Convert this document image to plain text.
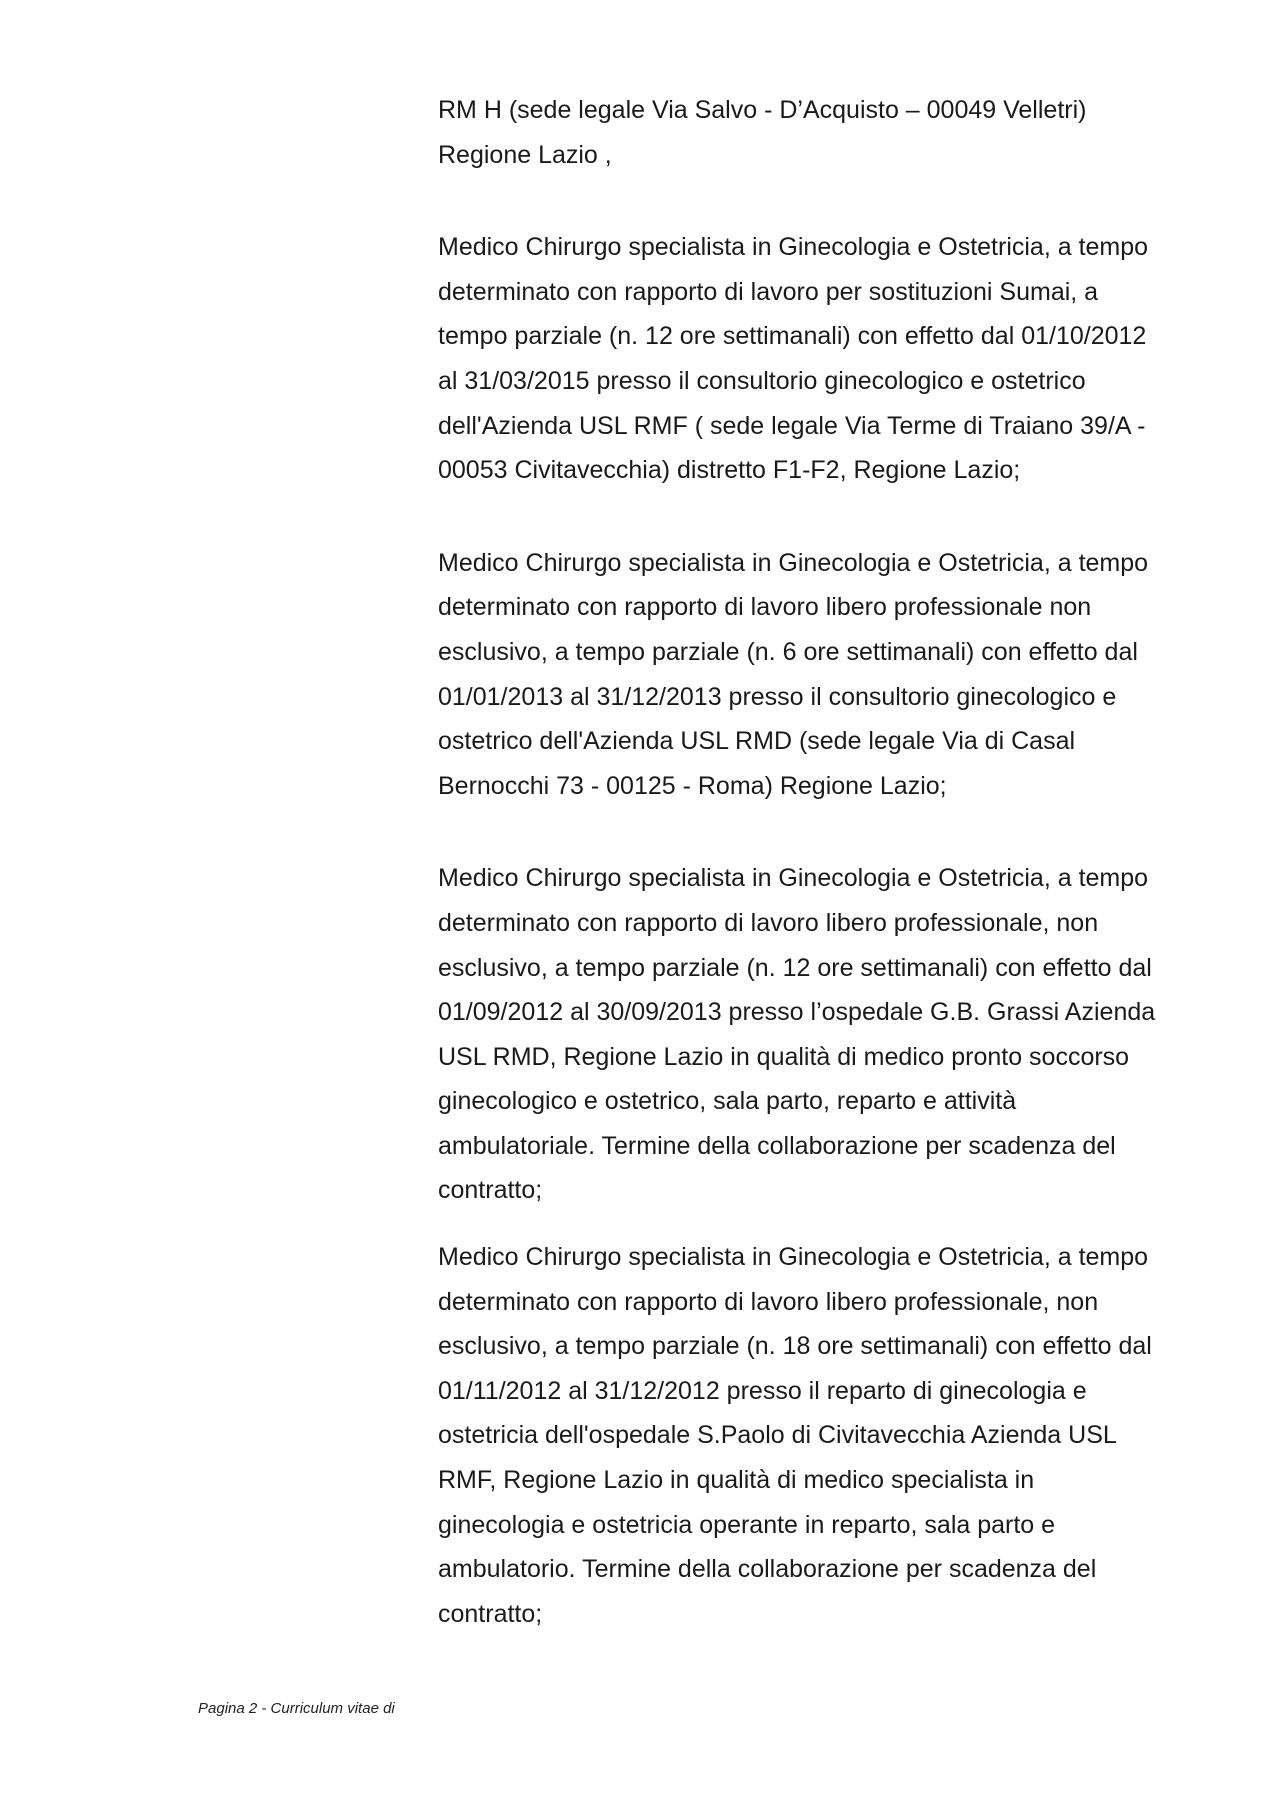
RM H (sede legale Via Salvo - D’Acquisto – 00049 Velletri)
Regione Lazio ,
Medico Chirurgo specialista in Ginecologia e Ostetricia, a tempo
determinato con rapporto di lavoro per sostituzioni Sumai, a
tempo parziale (n. 12 ore settimanali) con effetto dal 01/10/2012
al 31/03/2015 presso il consultorio ginecologico e ostetrico
dell'Azienda USL RMF ( sede legale Via Terme di Traiano 39/A -
00053 Civitavecchia) distretto F1-F2, Regione Lazio;
Medico Chirurgo specialista in Ginecologia e Ostetricia, a tempo
determinato con rapporto di lavoro libero professionale non
esclusivo, a tempo parziale (n. 6 ore settimanali) con effetto dal
01/01/2013 al 31/12/2013 presso il consultorio ginecologico e
ostetrico dell'Azienda USL RMD (sede legale Via di Casal
Bernocchi 73 - 00125 - Roma) Regione Lazio;
Medico Chirurgo specialista in Ginecologia e Ostetricia, a tempo
determinato con rapporto di lavoro libero professionale, non
esclusivo, a tempo parziale (n. 12 ore settimanali) con effetto dal
01/09/2012 al 30/09/2013 presso l’ospedale G.B. Grassi Azienda
USL RMD, Regione Lazio in qualità di medico pronto soccorso
ginecologico e ostetrico, sala parto, reparto e attività
ambulatoriale. Termine della collaborazione per scadenza del
contratto;
Medico Chirurgo specialista in Ginecologia e Ostetricia, a tempo
determinato con rapporto di lavoro libero professionale, non
esclusivo, a tempo parziale (n. 18 ore settimanali) con effetto dal
01/11/2012 al 31/12/2012 presso il reparto di ginecologia e
ostetricia dell'ospedale S.Paolo di Civitavecchia Azienda USL
RMF, Regione Lazio in qualità di medico specialista in
ginecologia e ostetricia operante in reparto, sala parto e
ambulatorio. Termine della collaborazione per scadenza del
contratto;
Pagina 2 - Curriculum vitae di
